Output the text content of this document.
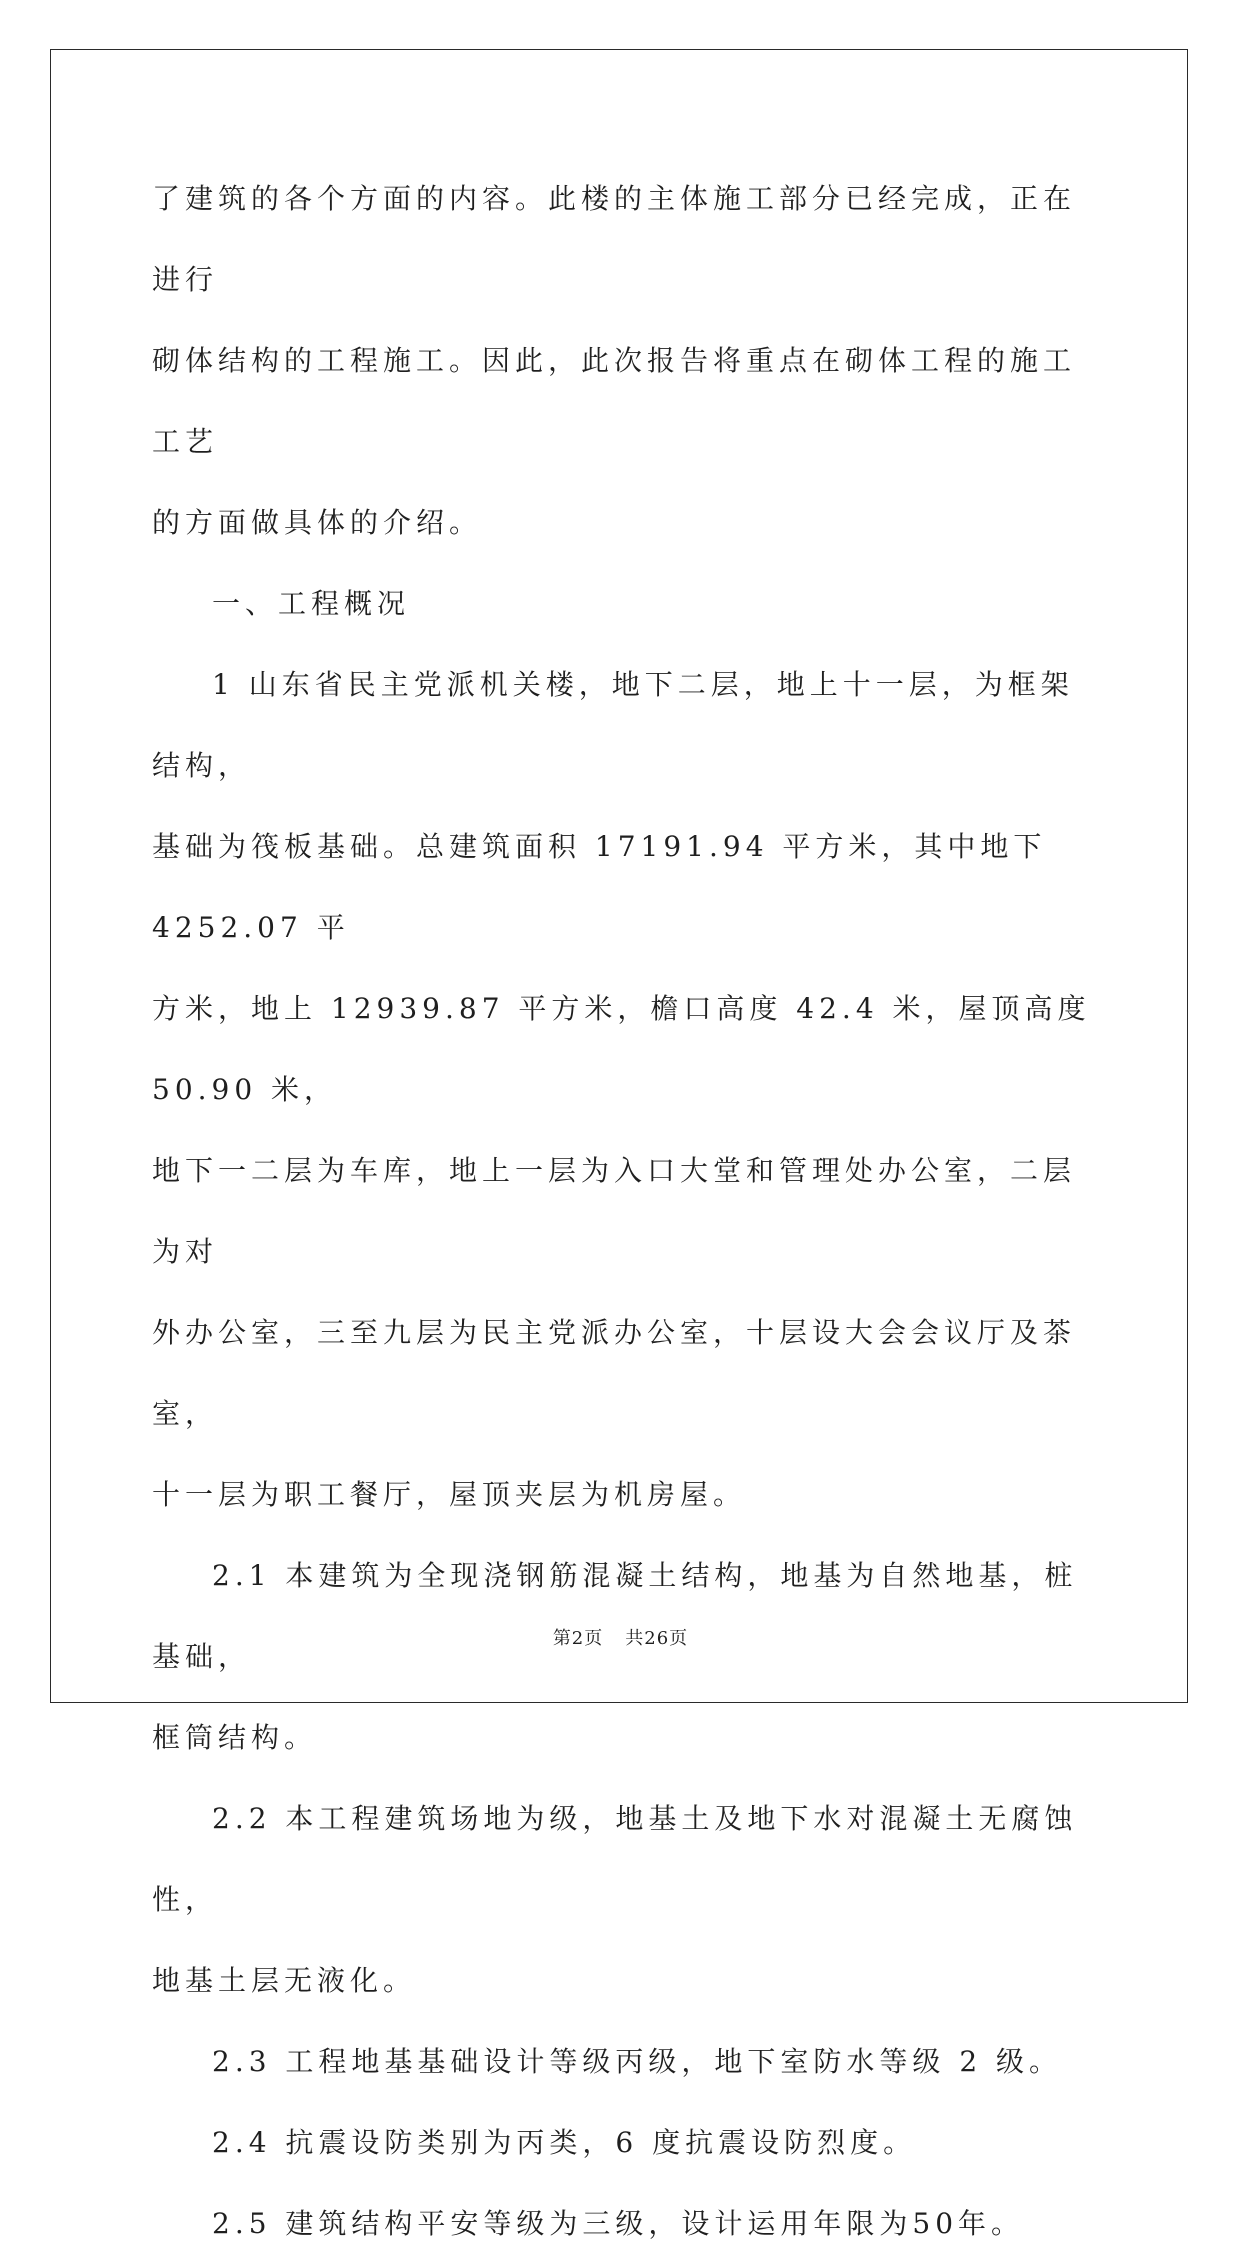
了建筑的各个方面的内容。此楼的主体施工部分已经完成，正在进行
砌体结构的工程施工。因此，此次报告将重点在砌体工程的施工工艺
的方面做具体的介绍。
一、工程概况
1 山东省民主党派机关楼，地下二层，地上十一层，为框架结构，
基础为筏板基础。总建筑面积 17191.94 平方米，其中地下 4252.07 平
方米，地上 12939.87 平方米，檐口高度 42.4 米，屋顶高度 50.90 米，
地下一二层为车库，地上一层为入口大堂和管理处办公室，二层为对
外办公室，三至九层为民主党派办公室，十层设大会会议厅及茶室，
十一层为职工餐厅，屋顶夹层为机房屋。
2.1 本建筑为全现浇钢筋混凝土结构，地基为自然地基，桩基础，
框筒结构。
2.2 本工程建筑场地为级，地基土及地下水对混凝土无腐蚀性，
地基土层无液化。
2.3 工程地基基础设计等级丙级，地下室防水等级 2 级。
2.4 抗震设防类别为丙类，6 度抗震设防烈度。
2.5 建筑结构平安等级为三级，设计运用年限为50年。
第2页 共26页
